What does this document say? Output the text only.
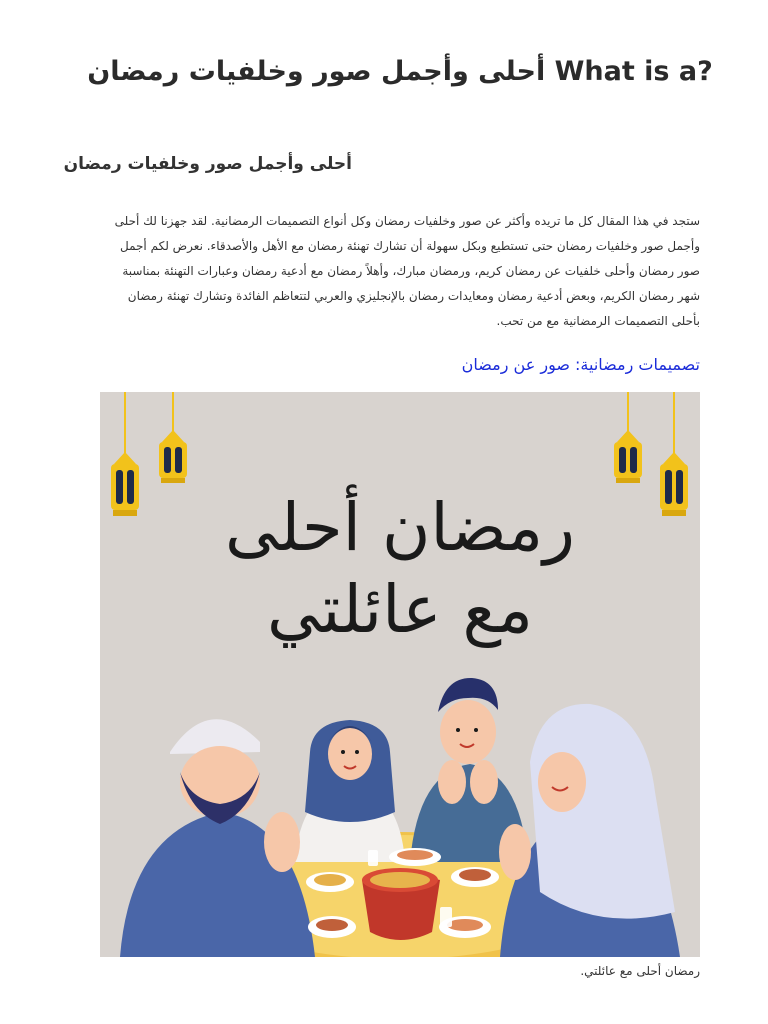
أحلى وأجمل صور وخلفيات رمضان What is a?
أحلى وأجمل صور وخلفيات رمضان

ستجد في هذا المقال كل ما تريده وأكثر عن صور وخلفيات رمضان وكل أنواع التصميمات الرمضانية. لقد جهزنا لك أحلى وأجمل صور وخلفيات رمضان حتى تستطيع وبكل سهولة أن تشارك تهنئة رمضان مع الأهل والأصدقاء. نعرض لكم أجمل صور رمضان وأحلى خلفيات عن رمضان كريم، ورمضان مبارك، وأهلاً رمضان مع أدعية رمضان وعبارات التهنئة بمناسبة شهر رمضان الكريم، وبعض أدعية رمضان ومعايدات رمضان بالإنجليزي والعربي لتتعاظم الفائدة وتشارك تهنئة رمضان بأحلى التصميمات الرمضانية مع من تحب.

تصميمات رمضانية: صور عن رمضان
رمضان أحلى
مع عائلتي
رمضان أحلى مع عائلتي.
